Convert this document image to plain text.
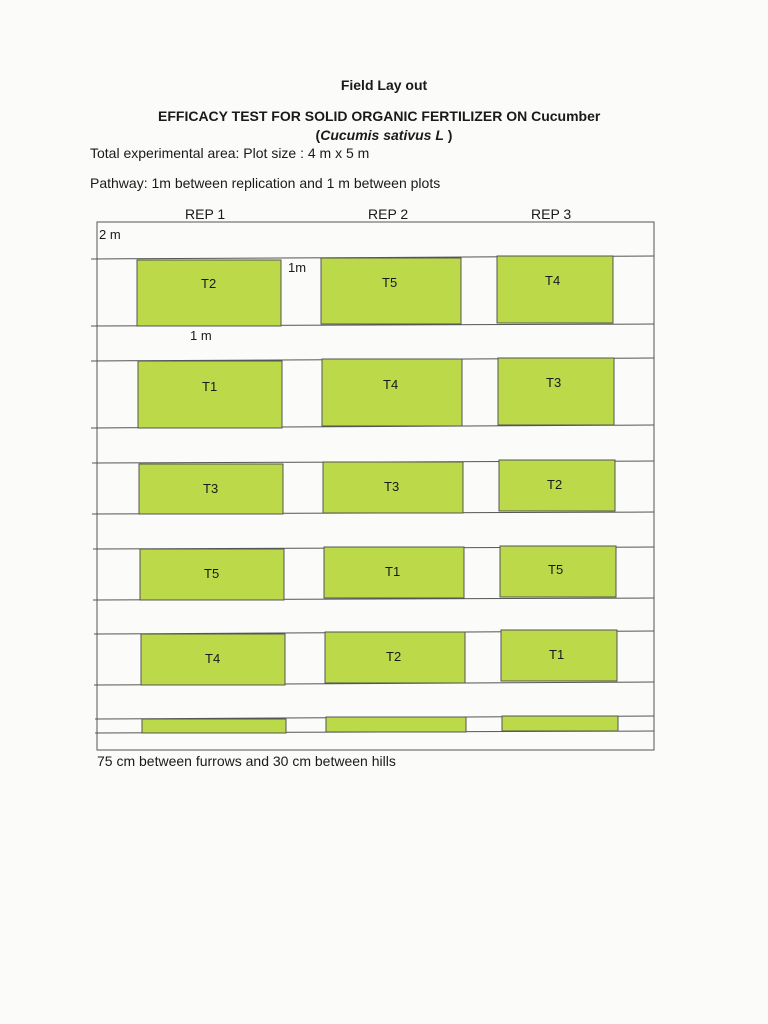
Field Lay out
EFFICACY TEST FOR SOLID ORGANIC FERTILIZER ON Cucumber
(Cucumis sativus L )
Total experimental area: Plot size : 4 m x 5 m
Pathway: 1m between replication and 1 m between plots
REP 1	REP 2	REP 3
T2	T5	T4
T1	T4	T3
T3	T3	T2
T5	T1	T5
T4	T2	T1
2 m
1m
1 m
75 cm between furrows and 30 cm between hills
